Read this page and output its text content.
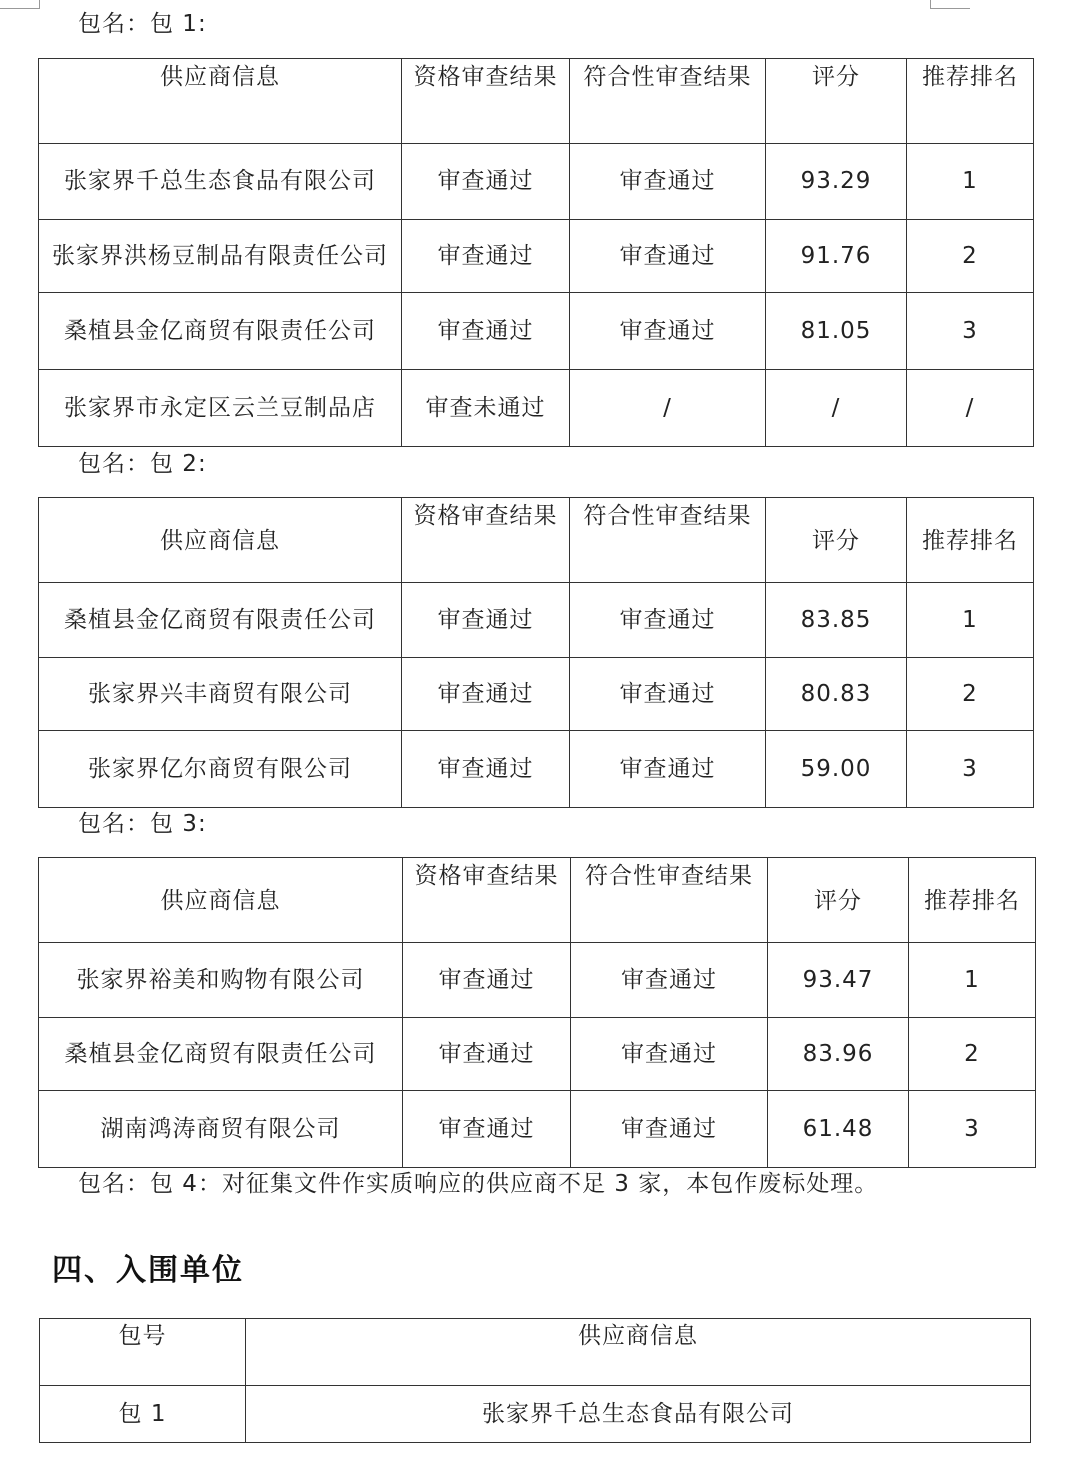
包名：包 1:
供应商信息	资格审查结果	符合性审查结果	评分	推荐排名
张家界千总生态食品有限公司	审查通过	审查通过	93.29	1
张家界洪杨豆制品有限责任公司	审查通过	审查通过	91.76	2
桑植县金亿商贸有限责任公司	审查通过	审查通过	81.05	3
张家界市永定区云兰豆制品店	审查未通过	/	/	/
包名：包 2:
供应商信息	资格审查结果	符合性审查结果	评分	推荐排名
桑植县金亿商贸有限责任公司	审查通过	审查通过	83.85	1
张家界兴丰商贸有限公司	审查通过	审查通过	80.83	2
张家界亿尔商贸有限公司	审查通过	审查通过	59.00	3
包名：包 3:
供应商信息	资格审查结果	符合性审查结果	评分	推荐排名
张家界裕美和购物有限公司	审查通过	审查通过	93.47	1
桑植县金亿商贸有限责任公司	审查通过	审查通过	83.96	2
湖南鸿涛商贸有限公司	审查通过	审查通过	61.48	3
包名：包 4：对征集文件作实质响应的供应商不足 3 家，本包作废标处理。
四、入围单位
包号	供应商信息
包 1	张家界千总生态食品有限公司
